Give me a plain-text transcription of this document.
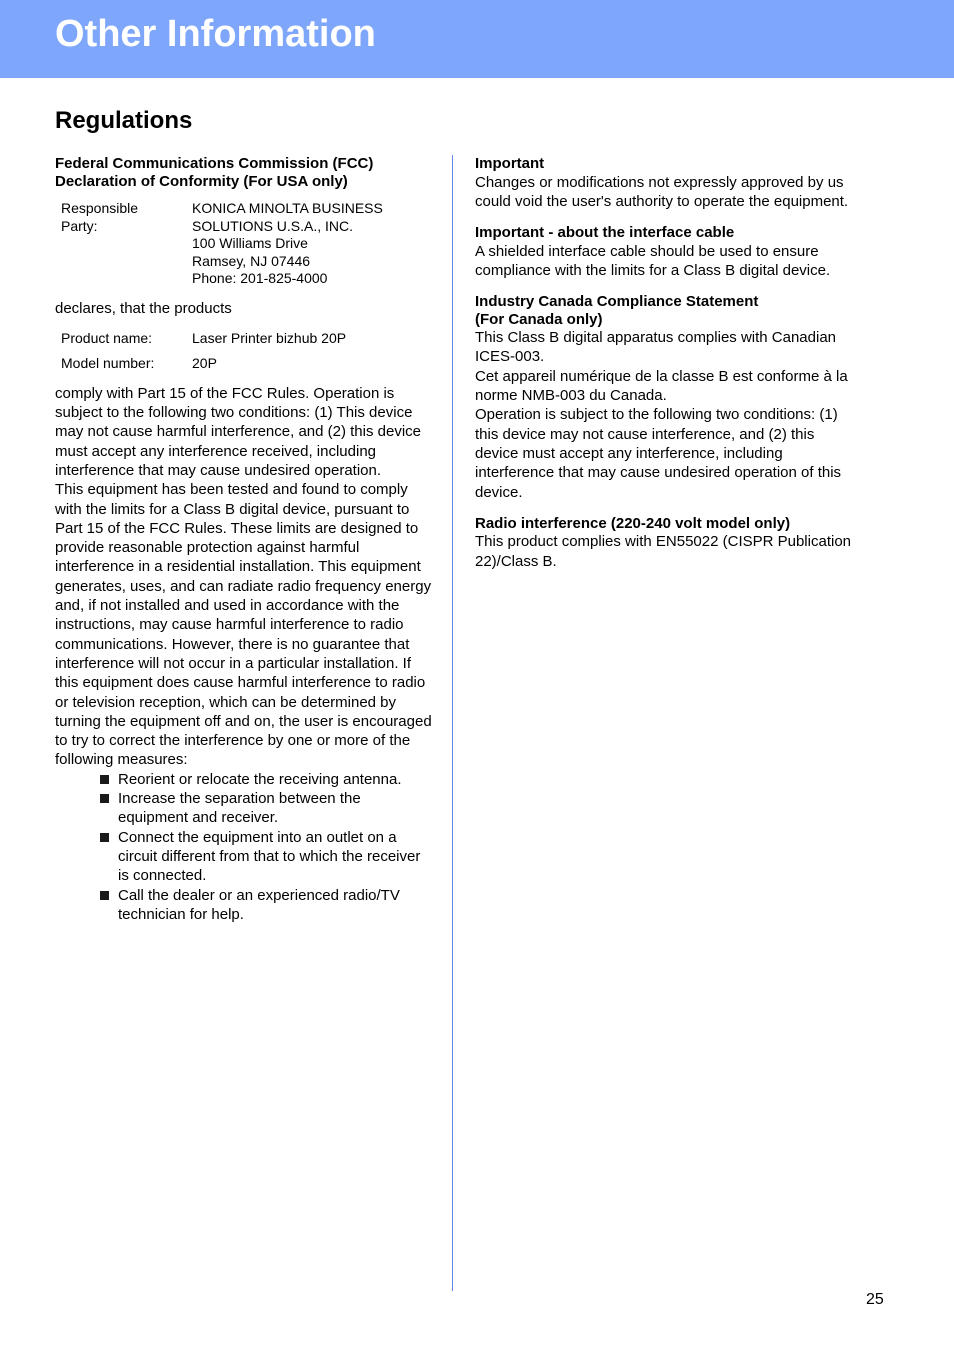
Other Information
Regulations

Federal Communications Commission (FCC)

Declaration of Conformity (For USA only)

Responsible
Party:

KONICA MINOLTA BUSINESS
SOLUTIONS U.S.A., INC.
100 Williams Drive
Ramsey, NJ 07446
Phone: 201-825-4000

declares, that the products

Product name:	Laser Printer bizhub 20P
Model number:	20P

comply with Part 15 of the FCC Rules. Operation is subject to the following two conditions: (1) This device may not cause harmful interference, and (2) this device must accept any interference received, including interference that may cause undesired operation.

This equipment has been tested and found to comply with the limits for a Class B digital device, pursuant to Part 15 of the FCC Rules. These limits are designed to provide reasonable protection against harmful interference in a residential installation. This equipment generates, uses, and can radiate radio frequency energy and, if not installed and used in accordance with the instructions, may cause harmful interference to radio communications. However, there is no guarantee that interference will not occur in a particular installation. If this equipment does cause harmful interference to radio or television reception, which can be determined by turning the equipment off and on, the user is encouraged to try to correct the interference by one or more of the following measures:

Reorient or relocate the receiving antenna.
Increase the separation between the equipment and receiver.
Connect the equipment into an outlet on a circuit different from that to which the receiver is connected.
Call the dealer or an experienced radio/TV technician for help.

Important

Changes or modifications not expressly approved by us could void the user's authority to operate the equipment.

Important - about the interface cable

A shielded interface cable should be used to ensure compliance with the limits for a Class B digital device.

Industry Canada Compliance Statement

(For Canada only)

This Class B digital apparatus complies with Canadian ICES-003.

Cet appareil numérique de la classe B est conforme à la norme NMB-003 du Canada.

Operation is subject to the following two conditions: (1) this device may not cause interference, and (2) this device must accept any interference, including interference that may cause undesired operation of this device.

Radio interference (220-240 volt model only)

This product complies with EN55022 (CISPR Publication 22)/Class B.

25
